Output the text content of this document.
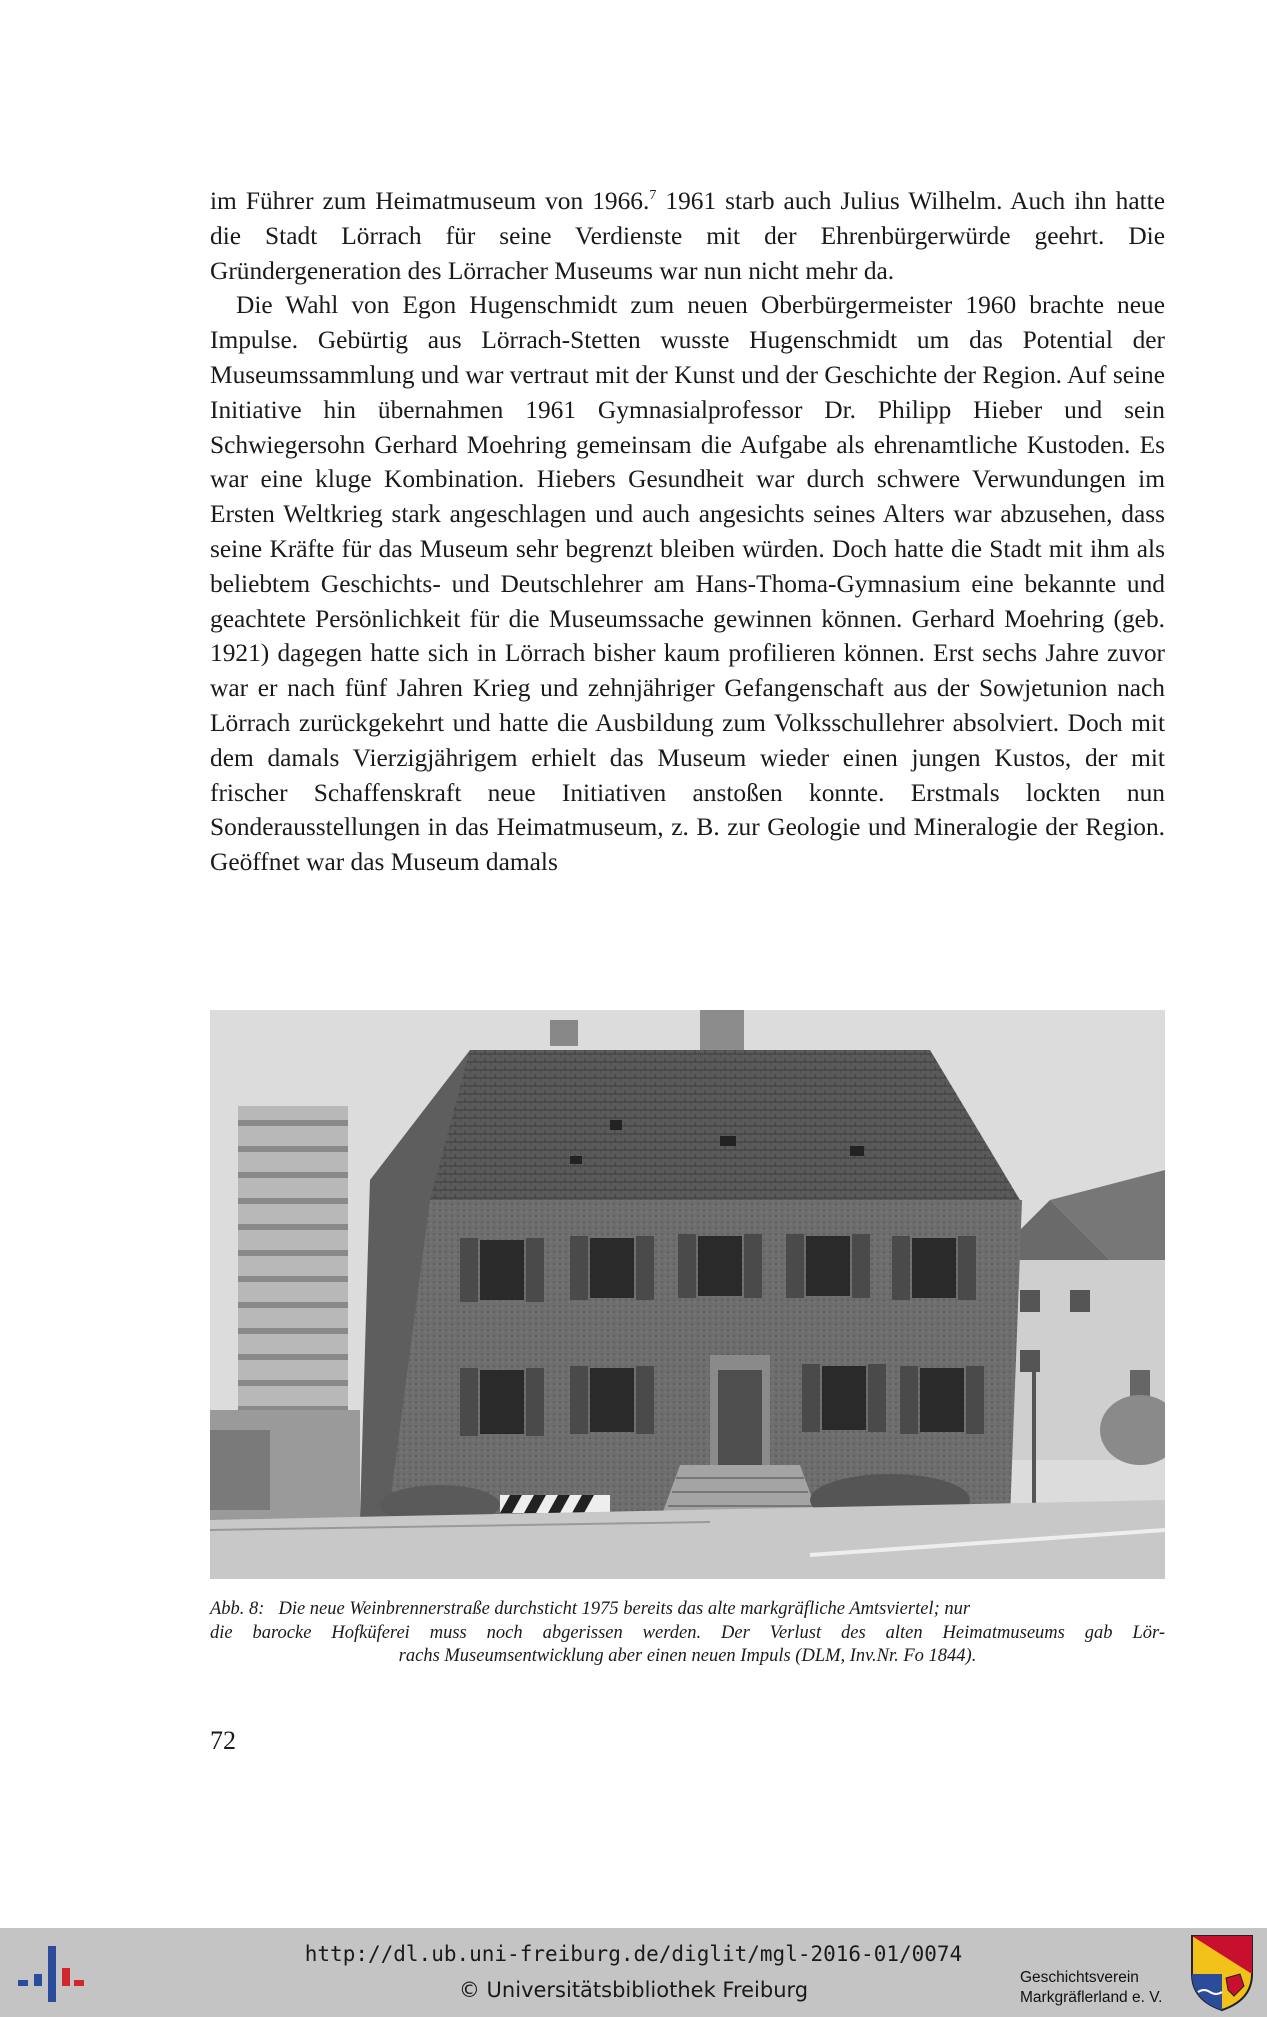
im Führer zum Heimatmuseum von 1966.$^7$ 1961 starb auch Julius Wilhelm. Auch ihn hatte die Stadt Lörrach für seine Verdienste mit der Ehrenbürgerwürde geehrt. Die Gründergeneration des Lörracher Museums war nun nicht mehr da.

Die Wahl von Egon Hugenschmidt zum neuen Oberbürgermeister 1960 brachte neue Impulse. Gebürtig aus Lörrach-Stetten wusste Hugenschmidt um das Potential der Museumssammlung und war vertraut mit der Kunst und der Geschichte der Region. Auf seine Initiative hin übernahmen 1961 Gymnasialprofessor Dr. Philipp Hieber und sein Schwiegersohn Gerhard Moehring gemeinsam die Aufgabe als ehrenamtliche Kustoden. Es war eine kluge Kombination. Hiebers Gesundheit war durch schwere Verwundungen im Ersten Weltkrieg stark angeschlagen und auch angesichts seines Alters war abzusehen, dass seine Kräfte für das Museum sehr begrenzt bleiben würden. Doch hatte die Stadt mit ihm als beliebtem Geschichts- und Deutschlehrer am Hans-Thoma-Gymnasium eine bekannte und geachtete Persönlichkeit für die Museumssache gewinnen können. Gerhard Moehring (geb. 1921) dagegen hatte sich in Lörrach bisher kaum profilieren können. Erst sechs Jahre zuvor war er nach fünf Jahren Krieg und zehnjähriger Gefangenschaft aus der Sowjetunion nach Lörrach zurückgekehrt und hatte die Ausbildung zum Volksschullehrer absolviert. Doch mit dem damals Vierzigjährigem erhielt das Museum wieder einen jungen Kustos, der mit frischer Schaffenskraft neue Initiativen anstoßen konnte. Erstmals lockten nun Sonderausstellungen in das Heimatmuseum, z. B. zur Geologie und Mineralogie der Region. Geöffnet war das Museum damals

Abb. 8: Die neue Weinbrennerstraße durchsticht 1975 bereits das alte markgräfliche Amtsviertel; nur
die barocke Hofküferei muss noch abgerissen werden. Der Verlust des alten Heimatmuseums gab Lör-
rachs Museumsentwicklung aber einen neuen Impuls (DLM, Inv.Nr. Fo 1844).
72
http://dl.ub.uni-freiburg.de/diglit/mgl-2016-01/0074
© Universitätsbibliothek Freiburg
Geschichtsverein
Markgräflerland e. V.
